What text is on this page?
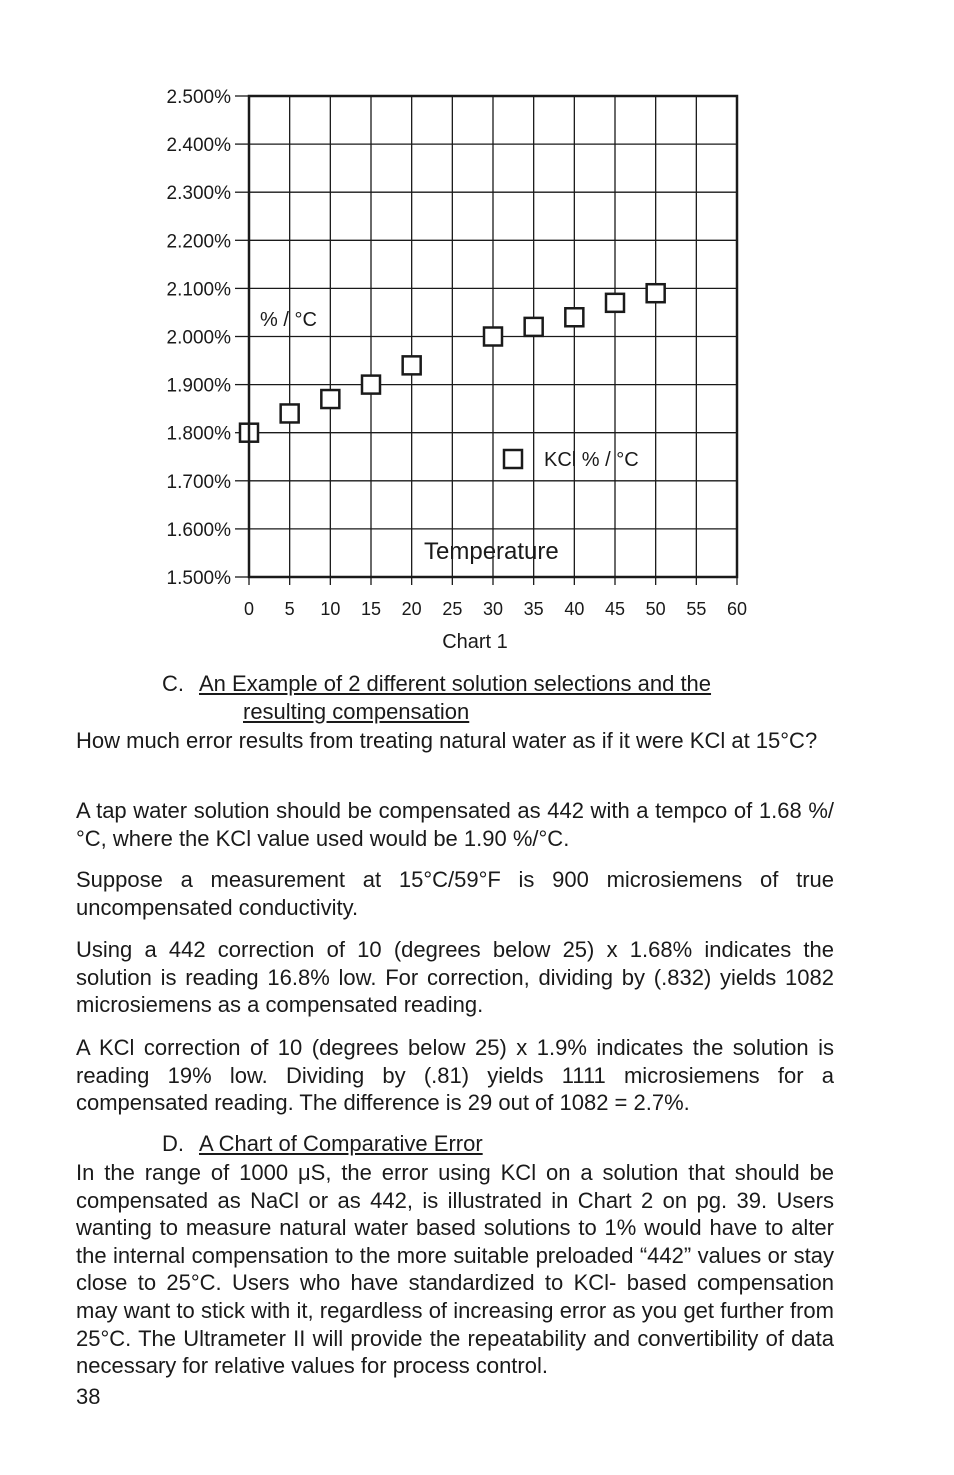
1.500%
1.600%
1.700%
1.800%
1.900%
2.000%
2.100%
2.200%
2.300%
2.400%
2.500%
0 5 10 15 20 25 30 35 40 45 50 55 60
% / °C
KCl % / °C
Temperature
Chart 1
C. An Example of 2 different solution selections and the
resulting compensation

How much error results from treating natural water as if it were KCl at 15°C?

A tap water solution should be compensated as 442 with a tempco of 1.68 %/°C, where the KCl value used would be 1.90 %/°C.

Suppose a measurement at 15°C/59°F is 900 microsiemens of true uncompensated conductivity.

Using a 442 correction of 10 (degrees below 25) x 1.68% indicates the solution is reading 16.8% low. For correction, dividing by (.832) yields 1082 microsiemens as a compensated reading.

A KCl correction of 10 (degrees below 25) x 1.9% indicates the solution is reading 19% low. Dividing by (.81) yields 1111 microsiemens for a compensated reading. The difference is 29 out of 1082 = 2.7%.

D. A Chart of Comparative Error

In the range of 1000 μS, the error using KCl on a solution that should be compensated as NaCl or as 442, is illustrated in Chart 2 on pg. 39. Users wanting to measure natural water based solutions to 1% would have to alter the internal compensation to the more suitable preloaded “442” values or stay close to 25°C. Users who have standardized to KCl- based compensation may want to stick with it, regardless of increasing error as you get further from 25°C. The Ultrameter II will provide the repeatability and convertibility of data necessary for relative values for process control.

38
